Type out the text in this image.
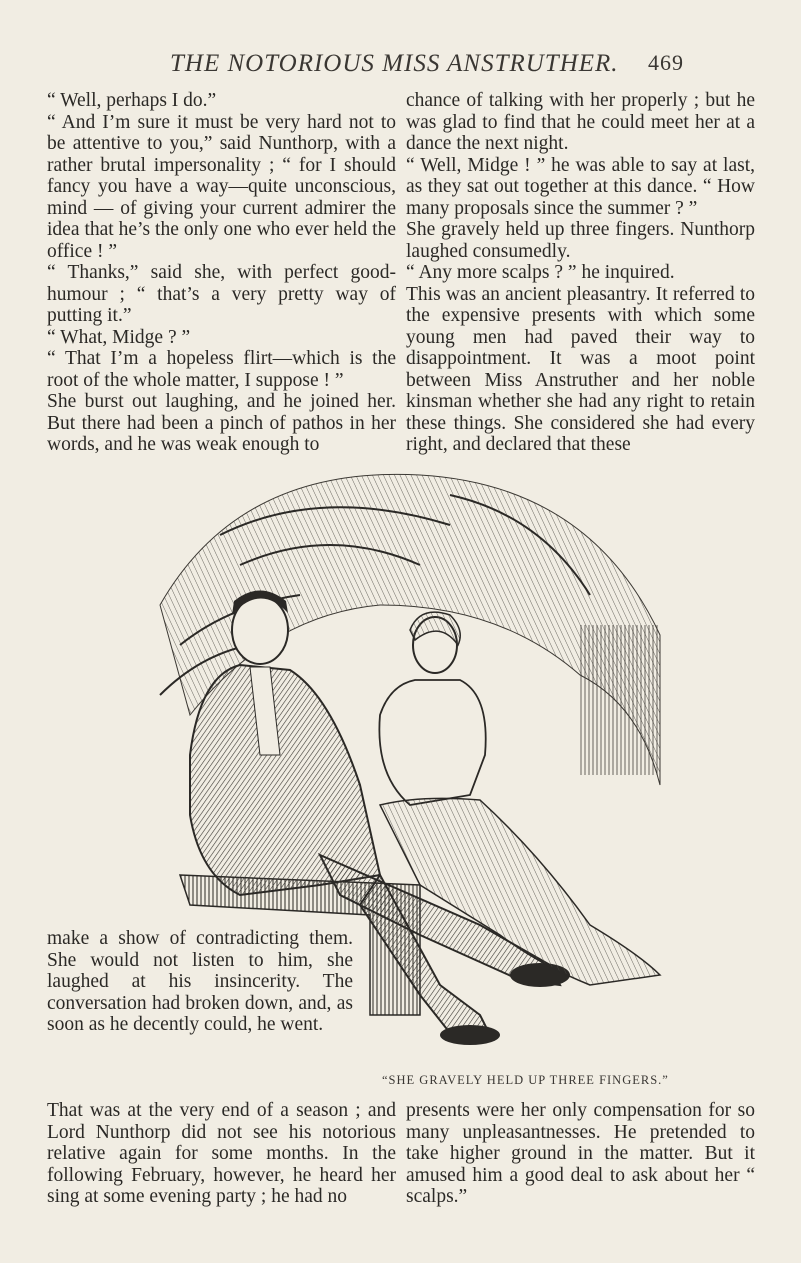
THE NOTORIOUS MISS ANSTRUTHER. 469

“ Well, perhaps I do.”

“ And I’m sure it must be very hard not to be attentive to you,” said Nunthorp, with a rather brutal impersonality ; “ for I should fancy you have a way—quite unconscious, mind — of giving your current admirer the idea that he’s the only one who ever held the office ! ”

“ Thanks,” said she, with perfect good-humour ; “ that’s a very pretty way of putting it.”

“ What, Midge ? ”

“ That I’m a hopeless flirt—which is the root of the whole matter, I suppose ! ”

She burst out laughing, and he joined her. But there had been a pinch of pathos in her words, and he was weak enough to

chance of talking with her properly ; but he was glad to find that he could meet her at a dance the next night.

“ Well, Midge ! ” he was able to say at last, as they sat out together at this dance. “ How many proposals since the summer ? ”

She gravely held up three fingers. Nunthorp laughed consumedly.

“ Any more scalps ? ” he inquired.

This was an ancient pleasantry. It referred to the expensive presents with which some young men had paved their way to disappointment. It was a moot point between Miss Anstruther and her noble kinsman whether she had any right to retain these things. She considered she had every right, and declared that these

make a show of contradicting them. She would not listen to him, she laughed at his insincerity. The conversation had broken down, and, as soon as he decently could, he went.

“SHE GRAVELY HELD UP THREE FINGERS.”

That was at the very end of a season ; and Lord Nunthorp did not see his notorious relative again for some months. In the following February, however, he heard her sing at some evening party ; he had no

presents were her only compensation for so many unpleasantnesses. He pretended to take higher ground in the matter. But it amused him a good deal to ask about her “ scalps.”
